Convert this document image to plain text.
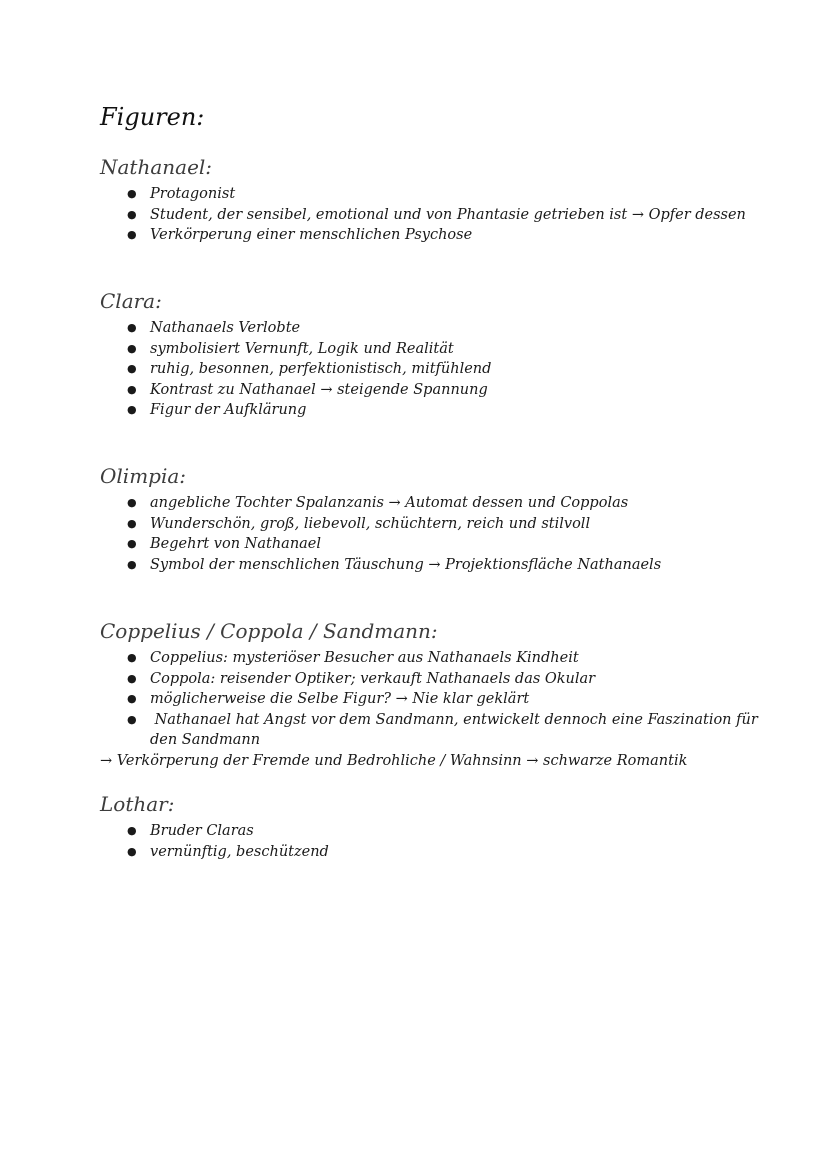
Figuren:
Nathanael:
● Protagonist
● Student, der sensibel, emotional und von Phantasie getrieben ist → Opfer dessen
● Verkörperung einer menschlichen Psychose
Clara:
● Nathanaels Verlobte
● symbolisiert Vernunft, Logik und Realität
● ruhig, besonnen, perfektionistisch, mitfühlend
● Kontrast zu Nathanael → steigende Spannung
● Figur der Aufklärung
Olimpia:
● angebliche Tochter Spalanzanis → Automat dessen und Coppolas
● Wunderschön, groß, liebevoll, schüchtern, reich und stilvoll
● Begehrt von Nathanael
● Symbol der menschlichen Täuschung → Projektionsfläche Nathanaels
Coppelius / Coppola / Sandmann:
● Coppelius: mysteriöser Besucher aus Nathanaels Kindheit
● Coppola: reisender Optiker; verkauft Nathanaels das Okular
● möglicherweise die Selbe Figur? → Nie klar geklärt
● Nathanael hat Angst vor dem Sandmann, entwickelt dennoch eine Faszination für den Sandmann

→ Verkörperung der Fremde und Bedrohliche / Wahnsinn → schwarze Romantik

Lothar:
● Bruder Claras
● vernünftig, beschützend
